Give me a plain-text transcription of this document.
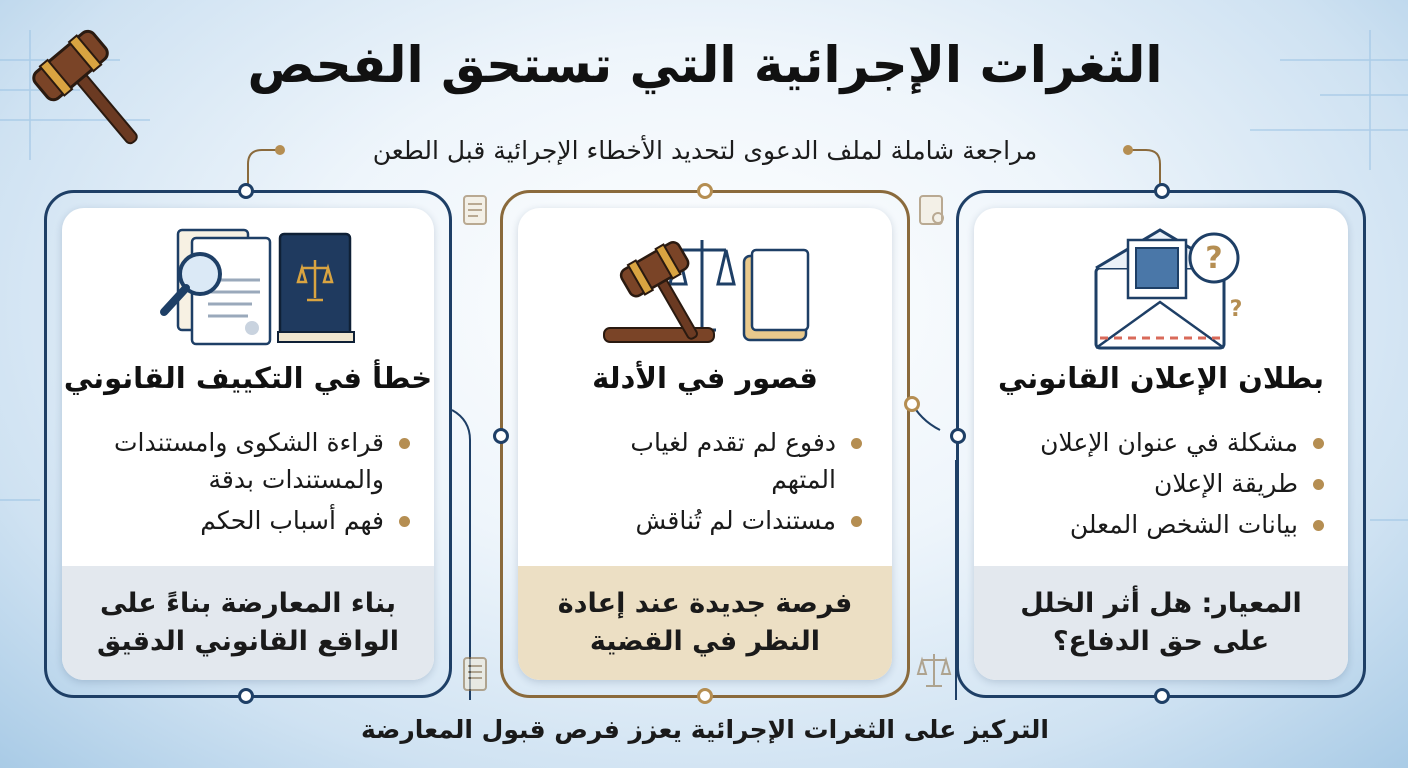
الثغرات الإجرائية التي تستحق الفحص
مراجعة شاملة لملف الدعوى لتحديد الأخطاء الإجرائية قبل الطعن
خطأ في التكييف القانوني
قراءة الشكوى وامستندات والمستندات بدقة
فهم أسباب الحكم
بناء المعارضة بناءً على الواقع القانوني الدقيق
قصور في الأدلة
دفوع لم تقدم لغياب المتهم
مستندات لم تُناقش
فرصة جديدة عند إعادة النظر في القضية
?
?
بطلان الإعلان القانوني
مشكلة في عنوان الإعلان
طريقة الإعلان
بيانات الشخص المعلن
المعيار: هل أثر الخلل على حق الدفاع؟
التركيز على الثغرات الإجرائية يعزز فرص قبول المعارضة
